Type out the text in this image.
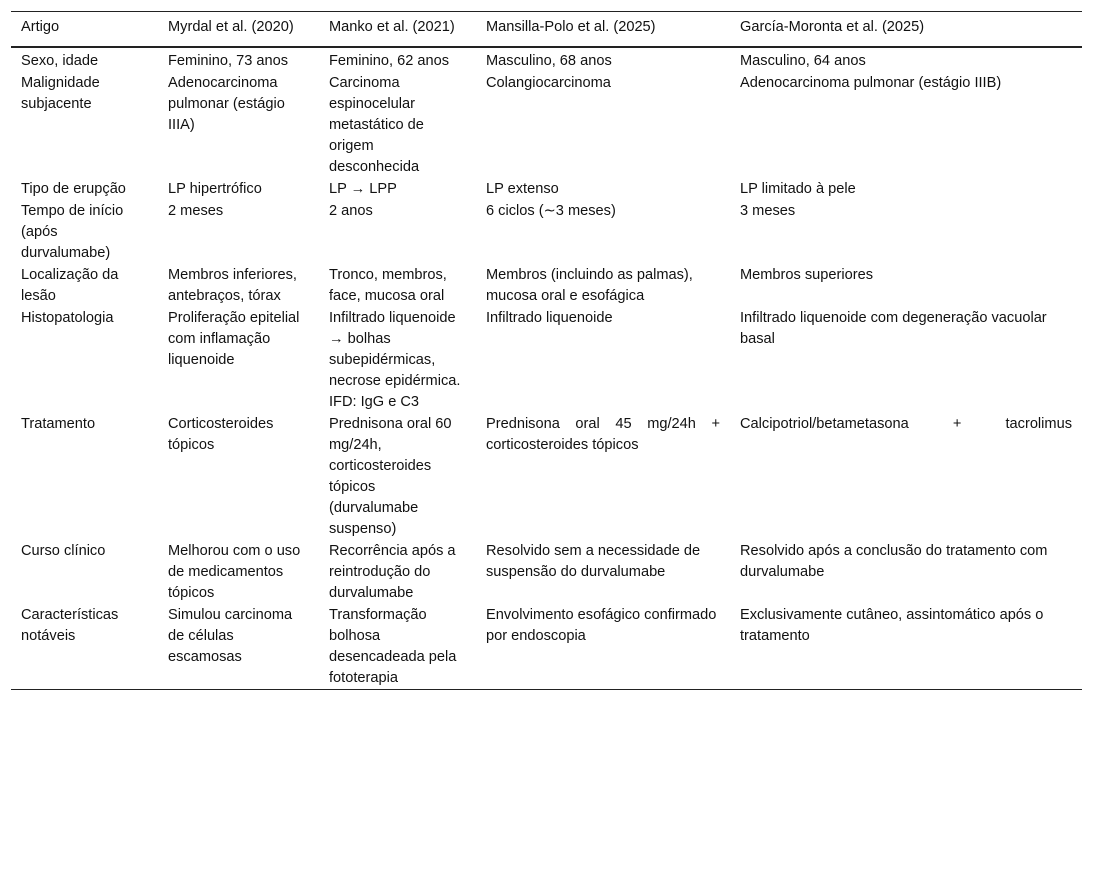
Artigo	Myrdal et al. (2020)	Manko et al. (2021)	Mansilla-Polo et al. (2025)	García-Moronta et al. (2025)
Sexo, idade	Feminino, 73 anos	Feminino, 62 anos	Masculino, 68 anos	Masculino, 64 anos
Malignidade subjacente	Adenocarcinoma pulmonar (estágio IIIA)	Carcinoma espinocelular metastático de origem desconhecida	Colangiocarcinoma	Adenocarcinoma pulmonar (estágio IIIB)
Tipo de erupção	LP hipertrófico	LP → LPP	LP extenso	LP limitado à pele
Tempo de início (após durvalumabe)	2 meses	2 anos	6 ciclos (∼3 meses)	3 meses
Localização da lesão	Membros inferiores, antebraços, tórax	Tronco, membros, face, mucosa oral	Membros (incluindo as palmas), mucosa oral e esofágica	Membros superiores
Histopatologia	Proliferação epitelial com inflamação liquenoide	Infiltrado liquenoide → bolhas subepidérmicas, necrose epidérmica. IFD: IgG e C3	Infiltrado liquenoide	Infiltrado liquenoide com degeneração vacuolar basal
Tratamento	Corticosteroides tópicos	Prednisona oral 60 mg/24h, corticosteroides tópicos (durvalumabe suspenso)	Prednisona oral 45 mg/24h + corticosteroides tópicos	Calcipotriol/betametasona + tacrolimus
Curso clínico	Melhorou com o uso de medicamentos tópicos	Recorrência após a reintrodução do durvalumabe	Resolvido sem a necessidade de suspensão do durvalumabe	Resolvido após a conclusão do tratamento com durvalumabe
Características notáveis	Simulou carcinoma de células escamosas	Transformação bolhosa desencadeada pela fototerapia	Envolvimento esofágico confirmado por endoscopia	Exclusivamente cutâneo, assintomático após o tratamento
